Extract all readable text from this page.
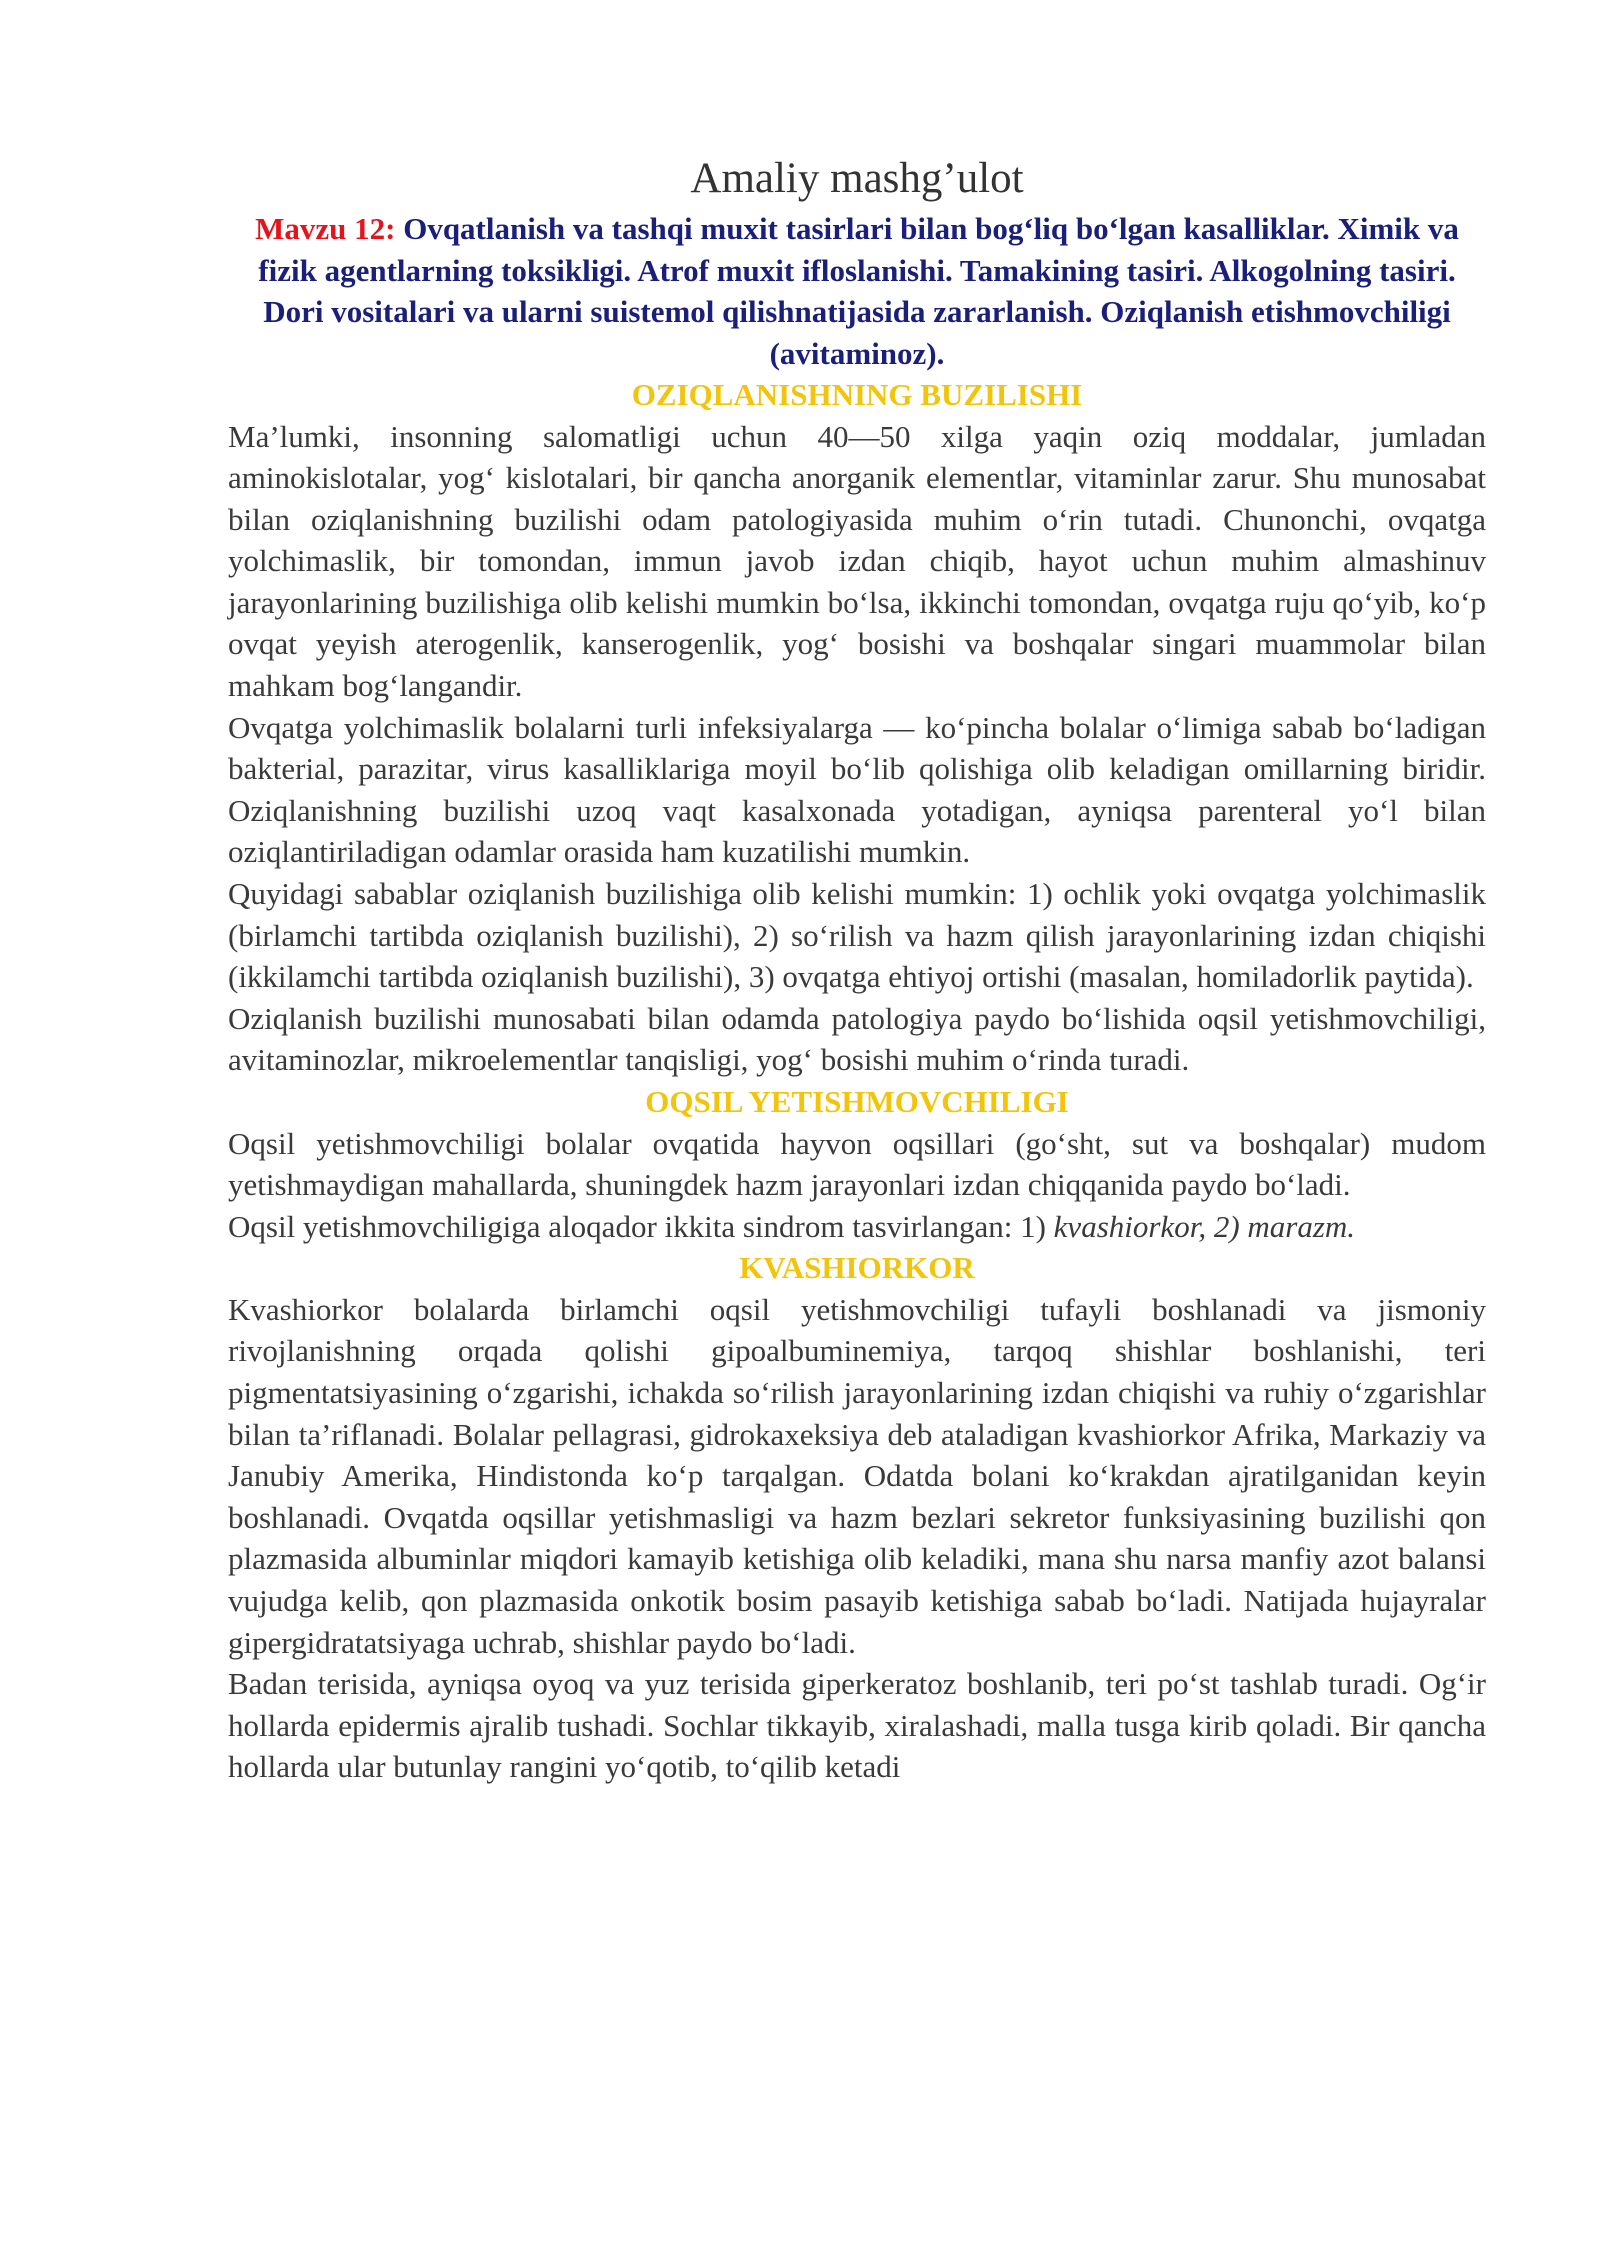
Amaliy mashg’ulot

Mavzu 12: Ovqatlanish va tashqi muxit tasirlari bilan bog‘liq bo‘lgan kasalliklar. Ximik va fizik agentlarning toksikligi. Atrof muxit ifloslanishi. Tamakining tasiri. Alkogolning tasiri. Dori vositalari va ularni suistemol qilishnatijasida zararlanish. Oziqlanish etishmovchiligi (avitaminoz).

OZIQLANISHNING BUZILISHI

Ma’lumki, insonning salomatligi uchun 40—50 xilga yaqin oziq moddalar, jumladan aminokislotalar, yog‘ kislotalari, bir qancha anorganik elementlar, vitaminlar zarur. Shu munosabat bilan oziqlanishning buzilishi odam patologiyasida muhim o‘rin tutadi. Chunonchi, ovqatga yolchimaslik, bir tomondan, immun javob izdan chiqib, hayot uchun muhim almashinuv jarayonlarining buzilishiga olib kelishi mumkin bo‘lsa, ikkinchi tomondan, ovqatga ruju qo‘yib, ko‘p ovqat yeyish aterogenlik, kanserogenlik, yog‘ bosishi va boshqalar singari muammolar bilan mahkam bog‘langandir.

Ovqatga yolchimaslik bolalarni turli infeksiyalarga — ko‘pincha bolalar o‘limiga sabab bo‘ladigan bakterial, parazitar, virus kasalliklariga moyil bo‘lib qolishiga olib keladigan omillarning biridir. Oziqlanishning buzilishi uzoq vaqt kasalxonada yotadigan, ayniqsa parenteral yo‘l bilan oziqlantiriladigan odamlar orasida ham kuzatilishi mumkin.

Quyidagi sabablar oziqlanish buzilishiga olib kelishi mumkin: 1) ochlik yoki ovqatga yolchimaslik (birlamchi tartibda oziqlanish buzilishi), 2) so‘rilish va hazm qilish jarayonlarining izdan chiqishi (ikkilamchi tartibda oziqlanish buzilishi), 3) ovqatga ehtiyoj ortishi (masalan, homiladorlik paytida).

Oziqlanish buzilishi munosabati bilan odamda patologiya paydo bo‘lishida oqsil yetishmovchiligi, avitaminozlar, mikroelementlar tanqisligi, yog‘ bosishi muhim o‘rinda turadi.

OQSIL YETISHMOVCHILIGI

Oqsil yetishmovchiligi bolalar ovqatida hayvon oqsillari (go‘sht, sut va boshqalar) mudom yetishmaydigan mahallarda, shuningdek hazm jarayonlari izdan chiqqanida paydo bo‘ladi.

Oqsil yetishmovchiligiga aloqador ikkita sindrom tasvirlangan: 1) kvashiorkor, 2) marazm.

KVASHIORKOR

Kvashiorkor bolalarda birlamchi oqsil yetishmovchiligi tufayli boshlanadi va jismoniy rivojlanishning orqada qolishi gipoalbuminemiya, tarqoq shishlar boshlanishi, teri pigmentatsiyasining o‘zgarishi, ichakda so‘rilish jarayonlarining izdan chiqishi va ruhiy o‘zgarishlar bilan ta’riflanadi. Bolalar pellagrasi, gidrokaxeksiya deb ataladigan kvashiorkor Afrika, Markaziy va Janubiy Amerika, Hindistonda ko‘p tarqalgan. Odatda bolani ko‘krakdan ajratilganidan keyin boshlanadi. Ovqatda oqsillar yetishmasligi va hazm bezlari sekretor funksiyasining buzilishi qon plazmasida albuminlar miqdori kamayib ketishiga olib keladiki, mana shu narsa manfiy azot balansi vujudga kelib, qon plazmasida onkotik bosim pasayib ketishiga sabab bo‘ladi. Natijada hujayralar gipergidratatsiyaga uchrab, shishlar paydo bo‘ladi.

Badan terisida, ayniqsa oyoq va yuz terisida giperkeratoz boshlanib, teri po‘st tashlab turadi. Og‘ir hollarda epidermis ajralib tushadi. Sochlar tikkayib, xiralashadi, malla tusga kirib qoladi. Bir qancha hollarda ular butunlay rangini yo‘qotib, to‘qilib ketadi
